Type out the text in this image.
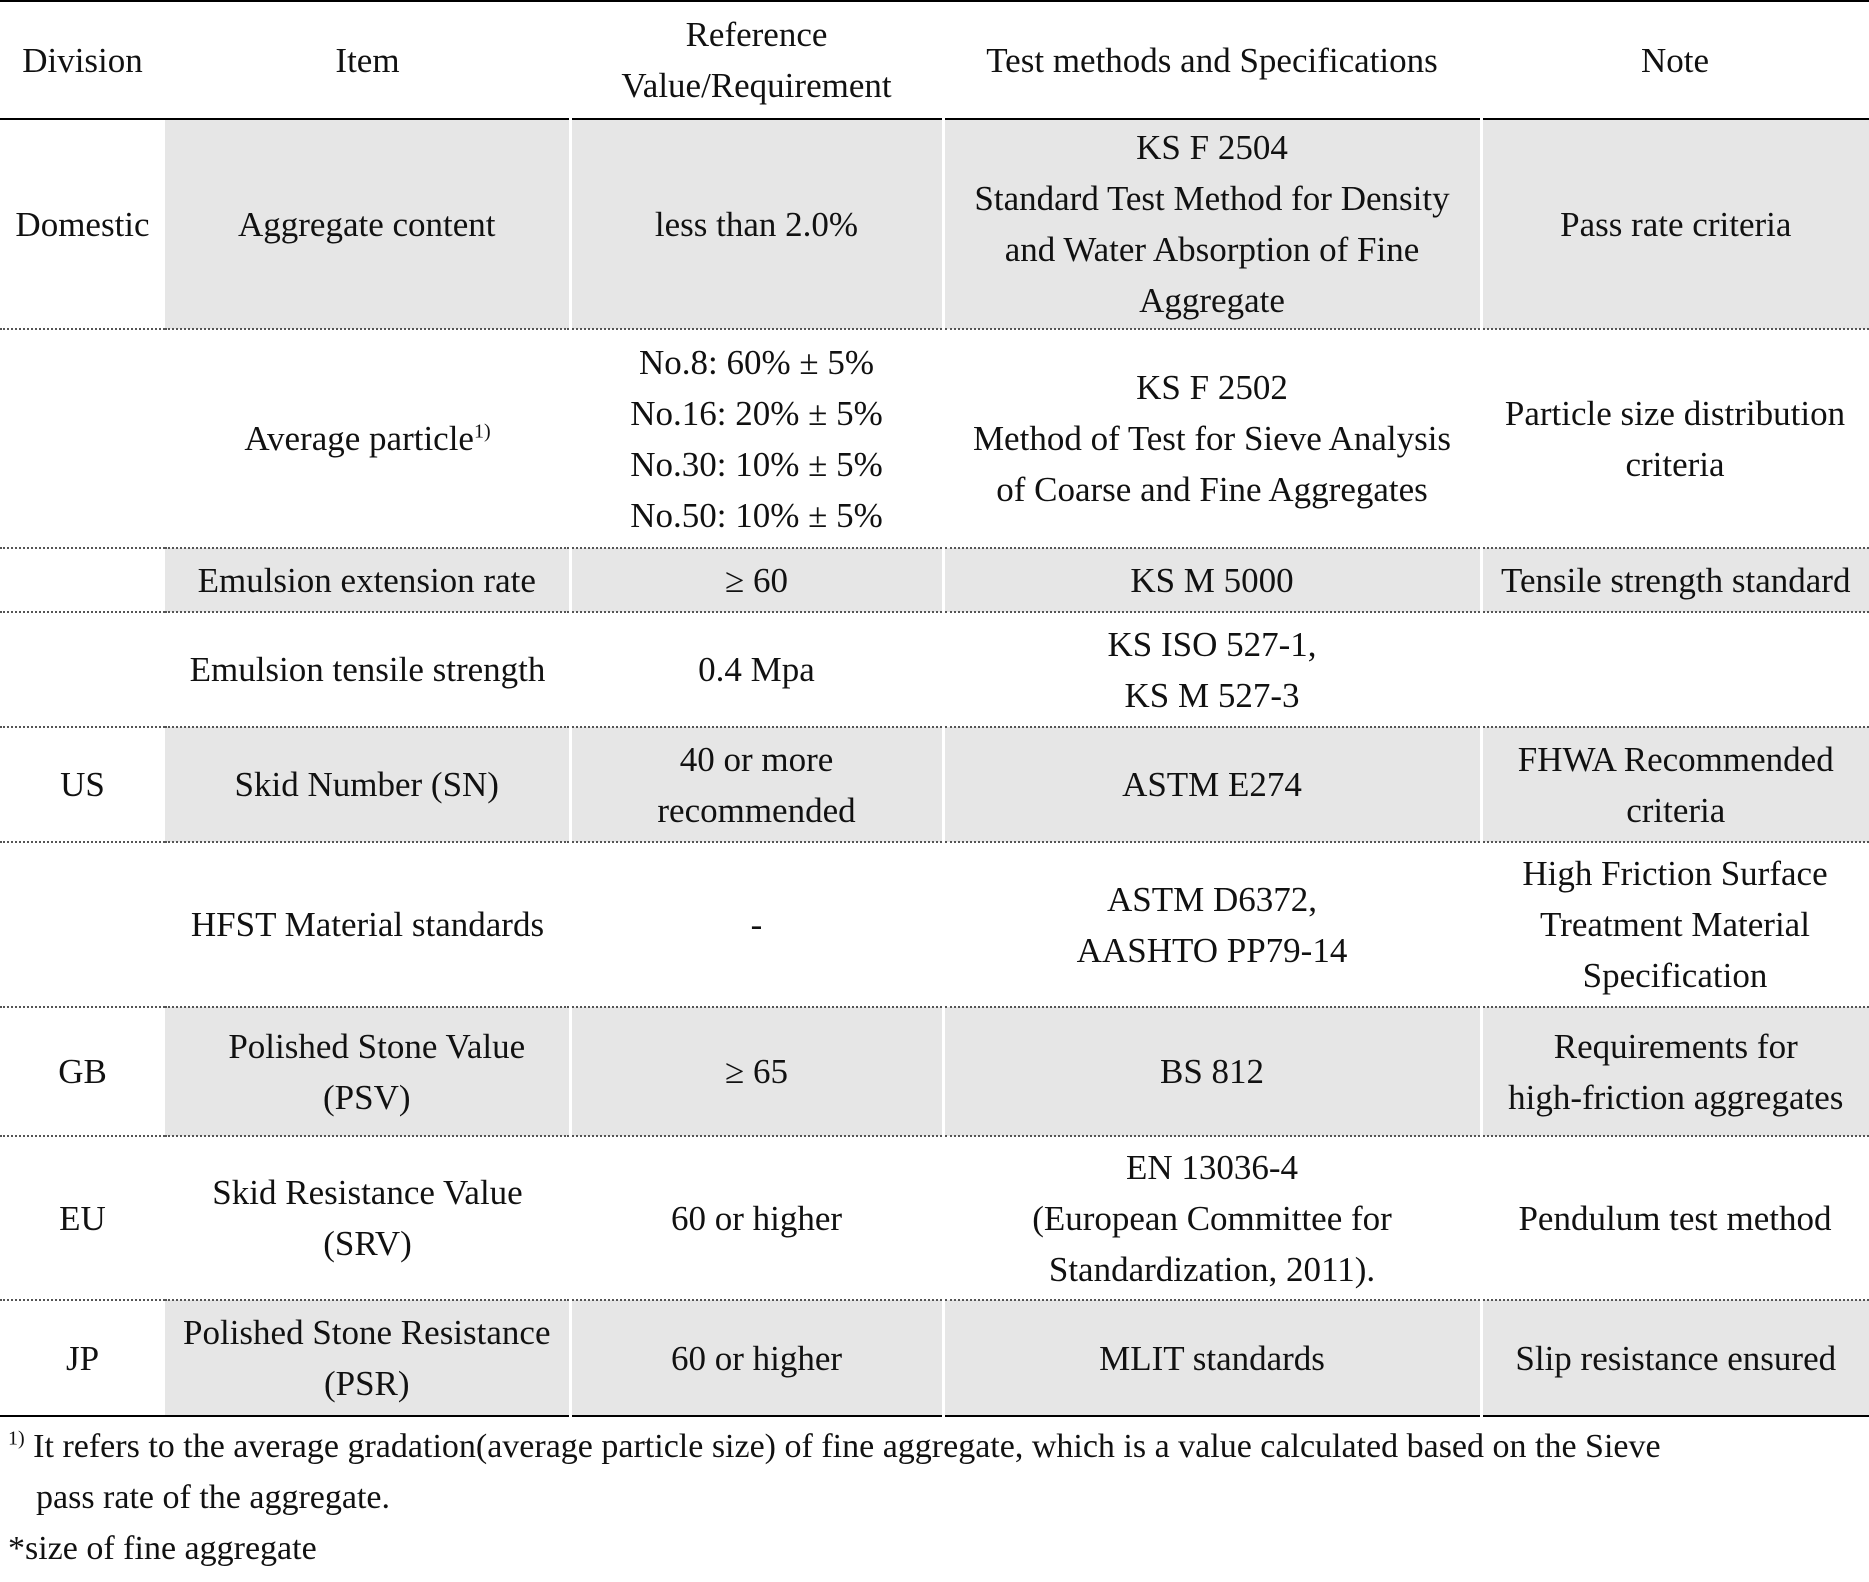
Division	Item	Reference
Value/Requirement	Test methods and Specifications	Note
Domestic	Aggregate content	less than 2.0%	KS F 2504
Standard Test Method for Density
and Water Absorption of Fine
Aggregate	Pass rate criteria

	Average particle$^{1)}$	No.8: 60% ± 5%
No.16: 20% ± 5%
No.30: 10% ± 5%
No.50: 10% ± 5%	KS F 2502
Method of Test for Sieve Analysis
of Coarse and Fine Aggregates	Particle size distribution
criteria

	Emulsion extension rate	≥ 60	KS M 5000	Tensile strength standard

	Emulsion tensile strength	0.4 Mpa	KS ISO 527-1,
KS M 527-3	

US	Skid Number (SN)	40 or more
recommended	ASTM E274	FHWA Recommended
criteria

	HFST Material standards	-	ASTM D6372,
AASHTO PP79-14	High Friction Surface
Treatment Material
Specification

GB	Polished Stone Value
(PSV)	≥ 65	BS 812	Requirements for
high-friction aggregates

EU	Skid Resistance Value
(SRV)	60 or higher	EN 13036-4
(European Committee for
Standardization, 2011).	Pendulum test method

JP	Polished Stone Resistance
(PSR)	60 or higher	MLIT standards	Slip resistance ensured
$^{1)}$ It refers to the average gradation(average particle size) of fine aggregate, which is a value calculated based on the Sieve
pass rate of the aggregate.
*size of fine aggregate
